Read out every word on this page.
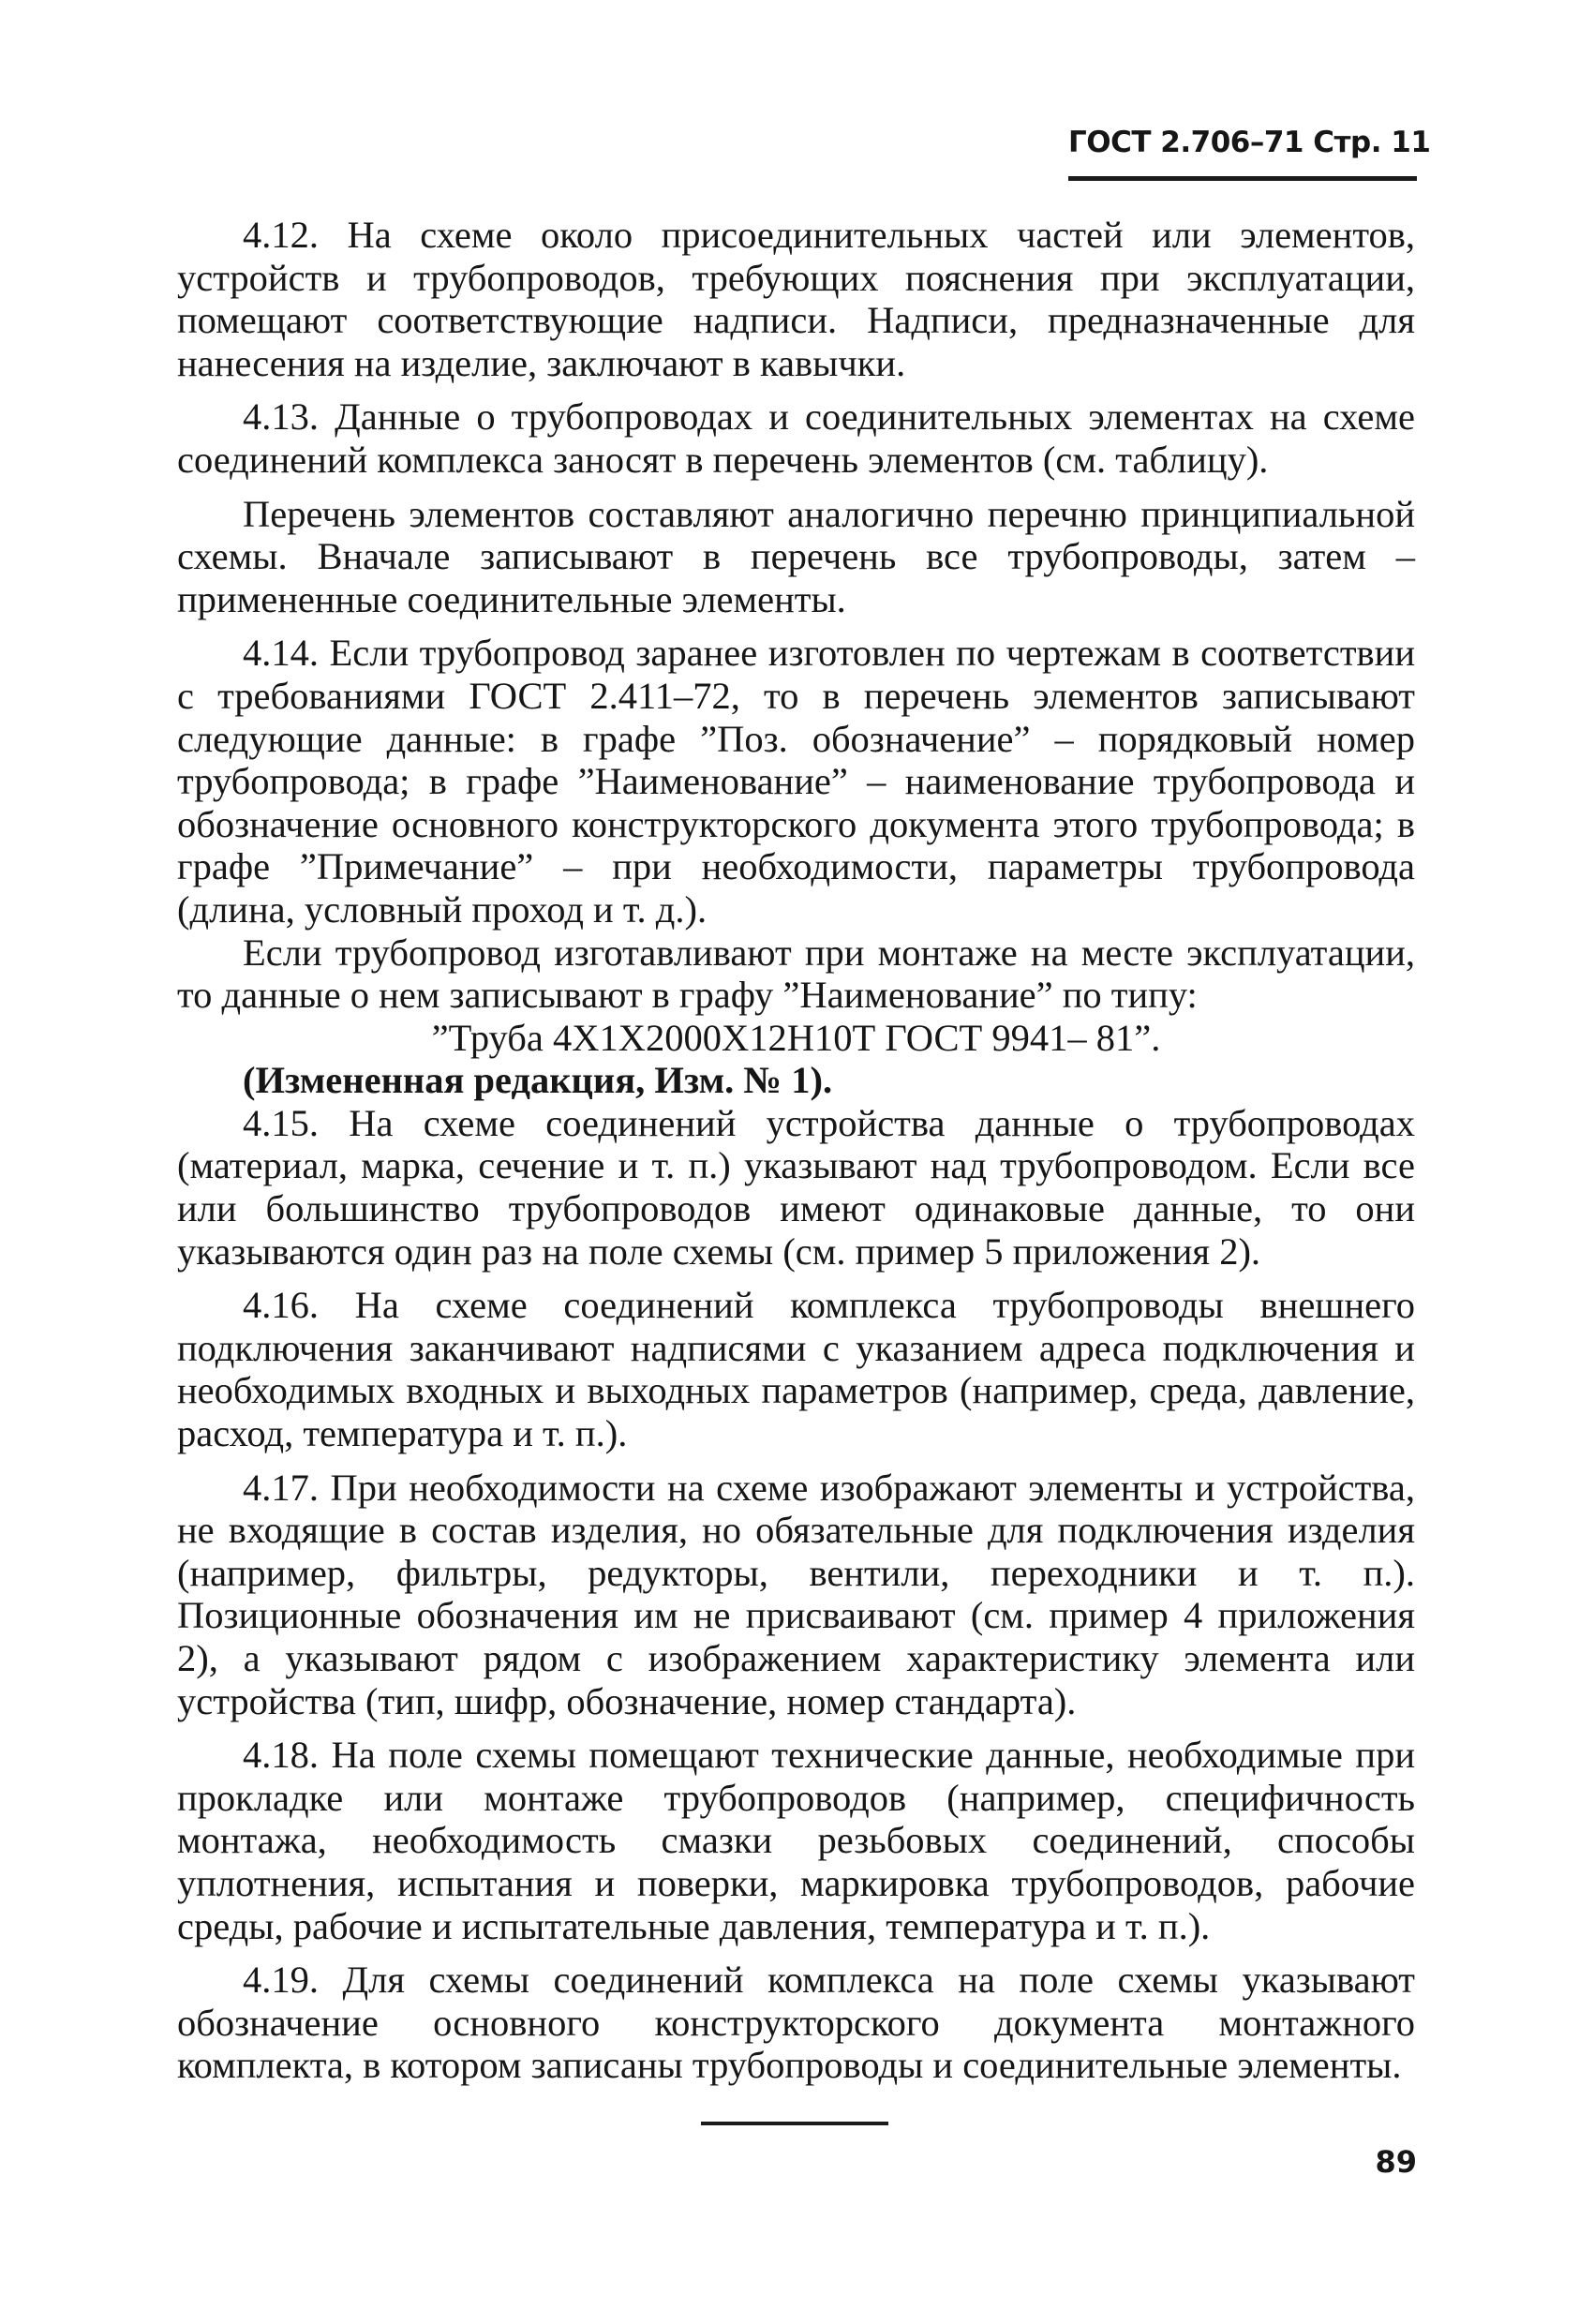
ГОСТ 2.706–71 Стр. 11

4.12. На схеме около присоединительных частей или элементов, устройств и трубопроводов, требующих пояснения при эксплуатации, помещают соответствующие надписи. Надписи, предназначенные для нанесения на изделие, заключают в кавычки.

4.13. Данные о трубопроводах и соединительных элементах на схеме соединений комплекса заносят в перечень элементов (см. таблицу).

Перечень элементов составляют аналогично перечню принципиальной схемы. Вначале записывают в перечень все трубопроводы, затем – примененные соединительные элементы.

4.14. Если трубопровод заранее изготовлен по чертежам в соответствии с требованиями ГОСТ 2.411–72, то в перечень элементов записывают следующие данные: в графе ”Поз. обозначение” – порядковый номер трубопровода; в графе ”Наименование” – наименование трубопровода и обозначение основного конструкторского документа этого трубопровода; в графе ”Примечание” – при необходимости, параметры трубопровода (длина, условный проход и т. д.).

Если трубопровод изготавливают при монтаже на месте эксплуатации, то данные о нем записывают в графу ”Наименование” по типу:

”Труба 4Х1Х2000Х12Н10Т ГОСТ 9941– 81”.

(Измененная редакция, Изм. № 1).

4.15. На схеме соединений устройства данные о трубопроводах (материал, марка, сечение и т. п.) указывают над трубопроводом. Если все или большинство трубопроводов имеют одинаковые данные, то они указываются один раз на поле схемы (см. пример 5 приложения 2).

4.16. На схеме соединений комплекса трубопроводы внешнего подключения заканчивают надписями с указанием адреса подключения и необходимых входных и выходных параметров (например, среда, давление, расход, температура и т. п.).

4.17. При необходимости на схеме изображают элементы и устройства, не входящие в состав изделия, но обязательные для подключения изделия (например, фильтры, редукторы, вентили, переходники и т. п.). Позиционные обозначения им не присваивают (см. пример 4 приложения 2), а указывают рядом с изображением характеристику элемента или устройства (тип, шифр, обозначение, номер стандарта).

4.18. На поле схемы помещают технические данные, необходимые при прокладке или монтаже трубопроводов (например, специфичность монтажа, необходимость смазки резьбовых соединений, способы уплотнения, испытания и поверки, маркировка трубопроводов, рабочие среды, рабочие и испытательные давления, температура и т. п.).

4.19. Для схемы соединений комплекса на поле схемы указывают обозначение основного конструкторского документа монтажного комплекта, в котором записаны трубопроводы и соединительные элементы.

89
